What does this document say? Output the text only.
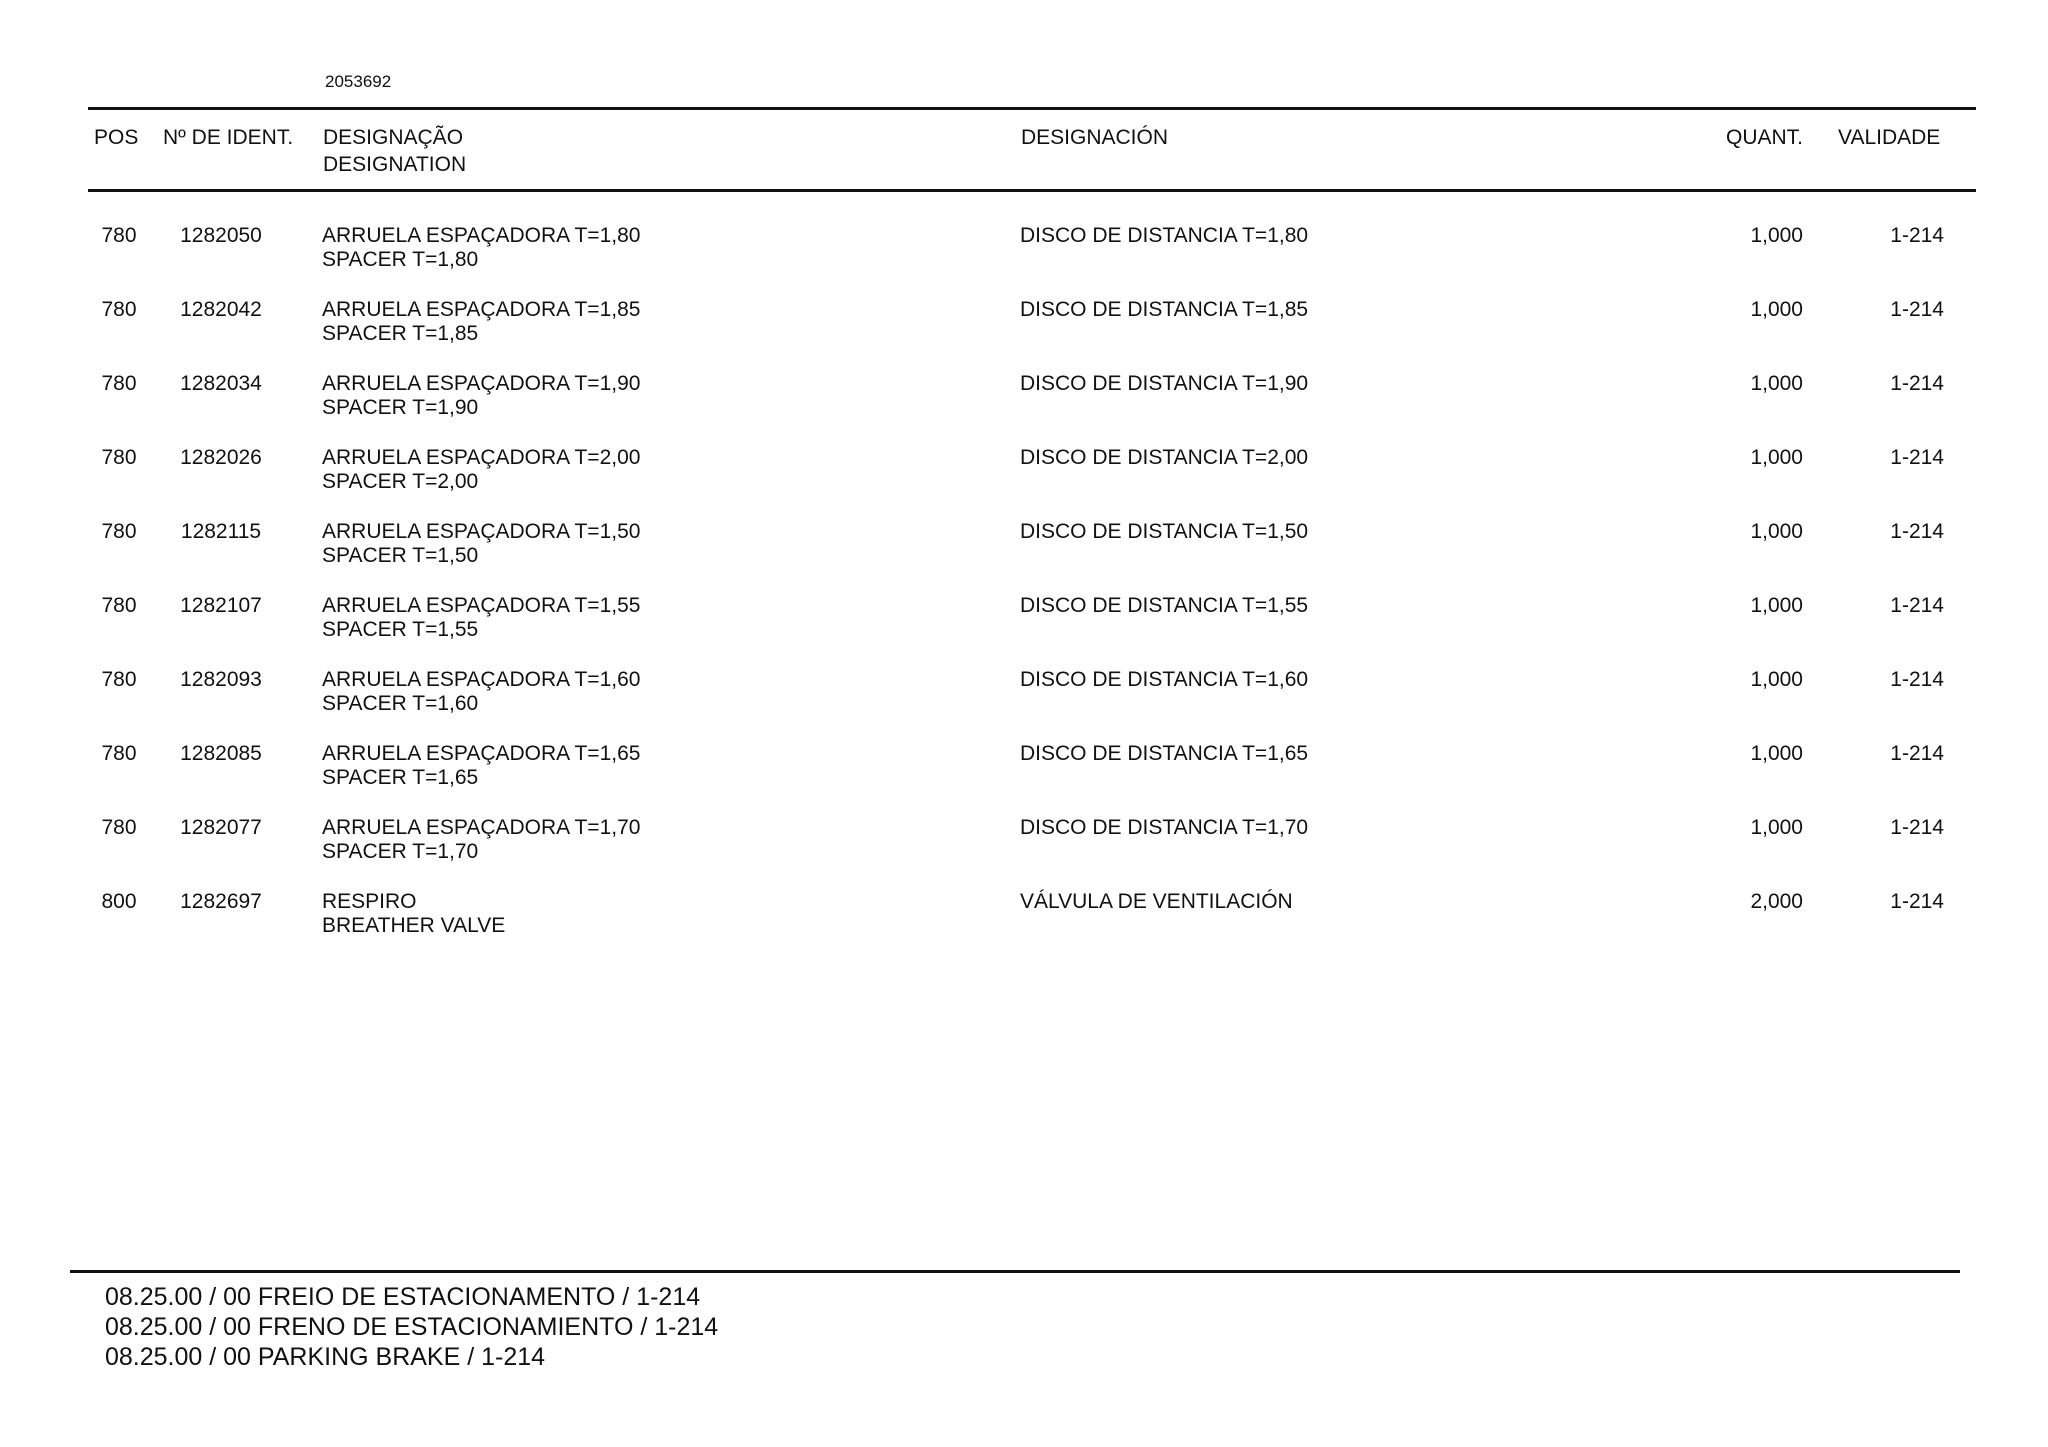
2053692
POS Nº DE IDENT. DESIGNAÇÃO
DESIGNATION
DESIGNACIÓN	QUANT. VALIDADE
780	1282050	ARRUELA ESPAÇADORA T=1,80
SPACER T=1,80
DISCO DE DISTANCIA T=1,80	1,000	1-214
780	1282042	ARRUELA ESPAÇADORA T=1,85
SPACER T=1,85
DISCO DE DISTANCIA T=1,85	1,000	1-214
780	1282034	ARRUELA ESPAÇADORA T=1,90
SPACER T=1,90
DISCO DE DISTANCIA T=1,90	1,000	1-214
780	1282026	ARRUELA ESPAÇADORA T=2,00
SPACER T=2,00
DISCO DE DISTANCIA T=2,00	1,000	1-214
780	1282115	ARRUELA ESPAÇADORA T=1,50
SPACER T=1,50
DISCO DE DISTANCIA T=1,50	1,000	1-214
780	1282107	ARRUELA ESPAÇADORA T=1,55
SPACER T=1,55
DISCO DE DISTANCIA T=1,55	1,000	1-214
780	1282093	ARRUELA ESPAÇADORA T=1,60
SPACER T=1,60
DISCO DE DISTANCIA T=1,60	1,000	1-214
780	1282085	ARRUELA ESPAÇADORA T=1,65
SPACER T=1,65
DISCO DE DISTANCIA T=1,65	1,000	1-214
780	1282077	ARRUELA ESPAÇADORA T=1,70
SPACER T=1,70
DISCO DE DISTANCIA T=1,70	1,000	1-214
800	1282697	RESPIRO
BREATHER VALVE
VÁLVULA DE VENTILACIÓN	2,000	1-214
08.25.00 / 00 FREIO DE ESTACIONAMENTO / 1-214
08.25.00 / 00 FRENO DE ESTACIONAMIENTO / 1-214
08.25.00 / 00 PARKING BRAKE / 1-214
